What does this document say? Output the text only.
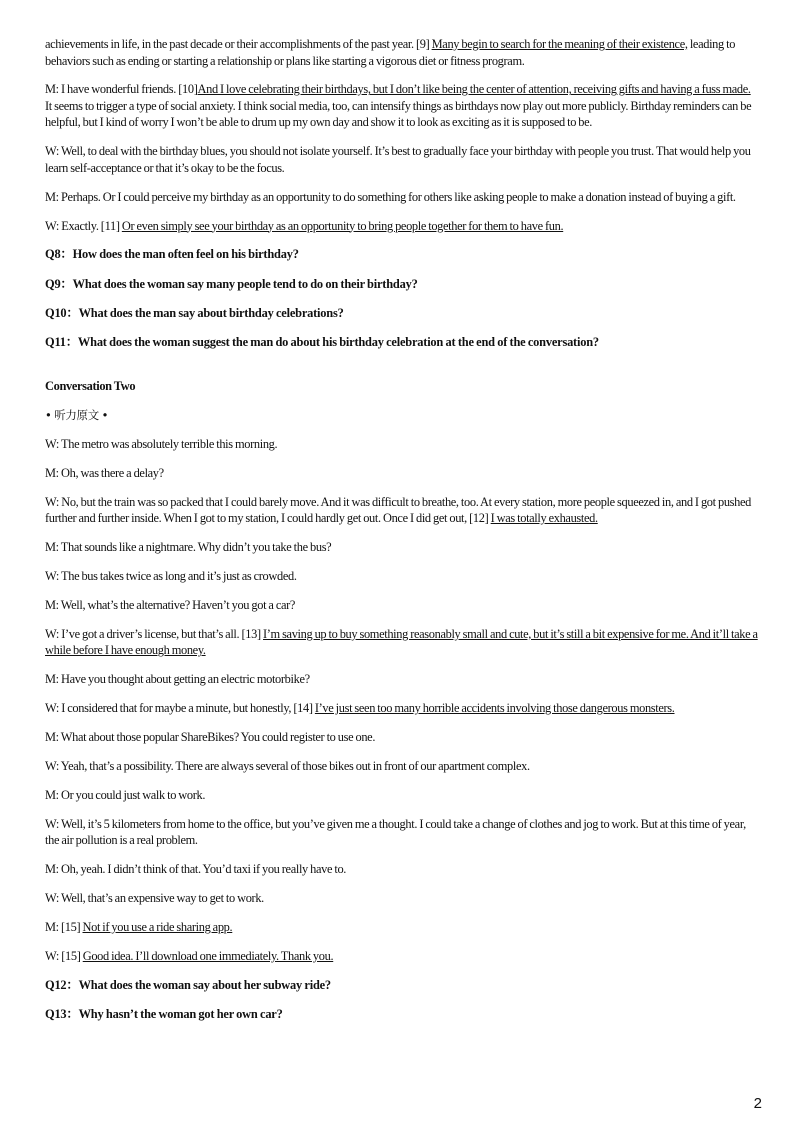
achievements in life, in the past decade or their accomplishments of the past year. [9] Many begin to search for the meaning of their existence, leading to behaviors such as ending or starting a relationship or plans like starting a vigorous diet or fitness program.

M: I have wonderful friends. [10]And I love celebrating their birthdays, but I don’t like being the center of attention, receiving gifts and having a fuss made. It seems to trigger a type of social anxiety. I think social media, too, can intensify things as birthdays now play out more publicly. Birthday reminders can be helpful, but I kind of worry I won’t be able to drum up my own day and show it to look as exciting as it is supposed to be.

W: Well, to deal with the birthday blues, you should not isolate yourself. It’s best to gradually face your birthday with people you trust. That would help you learn self-acceptance or that it’s okay to be the focus.

M: Perhaps. Or I could perceive my birthday as an opportunity to do something for others like asking people to make a donation instead of buying a gift.

W: Exactly. [11] Or even simply see your birthday as an opportunity to bring people together for them to have fun.

Q8：How does the man often feel on his birthday?

Q9：What does the woman say many people tend to do on their birthday?

Q10：What does the man say about birthday celebrations?

Q11：What does the woman suggest the man do about his birthday celebration at the end of the conversation?

Conversation Two

• 听力原文 •

W: The metro was absolutely terrible this morning.

M: Oh, was there a delay?

W: No, but the train was so packed that I could barely move. And it was difficult to breathe, too. At every station, more people squeezed in, and I got pushed further and further inside. When I got to my station, I could hardly get out. Once I did get out, [12] I was totally exhausted.

M: That sounds like a nightmare. Why didn’t you take the bus?

W: The bus takes twice as long and it’s just as crowded.

M: Well, what’s the alternative? Haven’t you got a car?

W: I’ve got a driver’s license, but that’s all. [13] I’m saving up to buy something reasonably small and cute, but it’s still a bit expensive for me. And it’ll take a while before I have enough money.

M: Have you thought about getting an electric motorbike?

W: I considered that for maybe a minute, but honestly, [14] I’ve just seen too many horrible accidents involving those dangerous monsters.

M: What about those popular ShareBikes? You could register to use one.

W: Yeah, that’s a possibility. There are always several of those bikes out in front of our apartment complex.

M: Or you could just walk to work.

W: Well, it’s 5 kilometers from home to the office, but you’ve given me a thought. I could take a change of clothes and jog to work. But at this time of year, the air pollution is a real problem.

M: Oh, yeah. I didn’t think of that. You’d taxi if you really have to.

W: Well, that’s an expensive way to get to work.

M: [15] Not if you use a ride sharing app.

W: [15] Good idea. I’ll download one immediately. Thank you.

Q12：What does the woman say about her subway ride?

Q13：Why hasn’t the woman got her own car?

2
